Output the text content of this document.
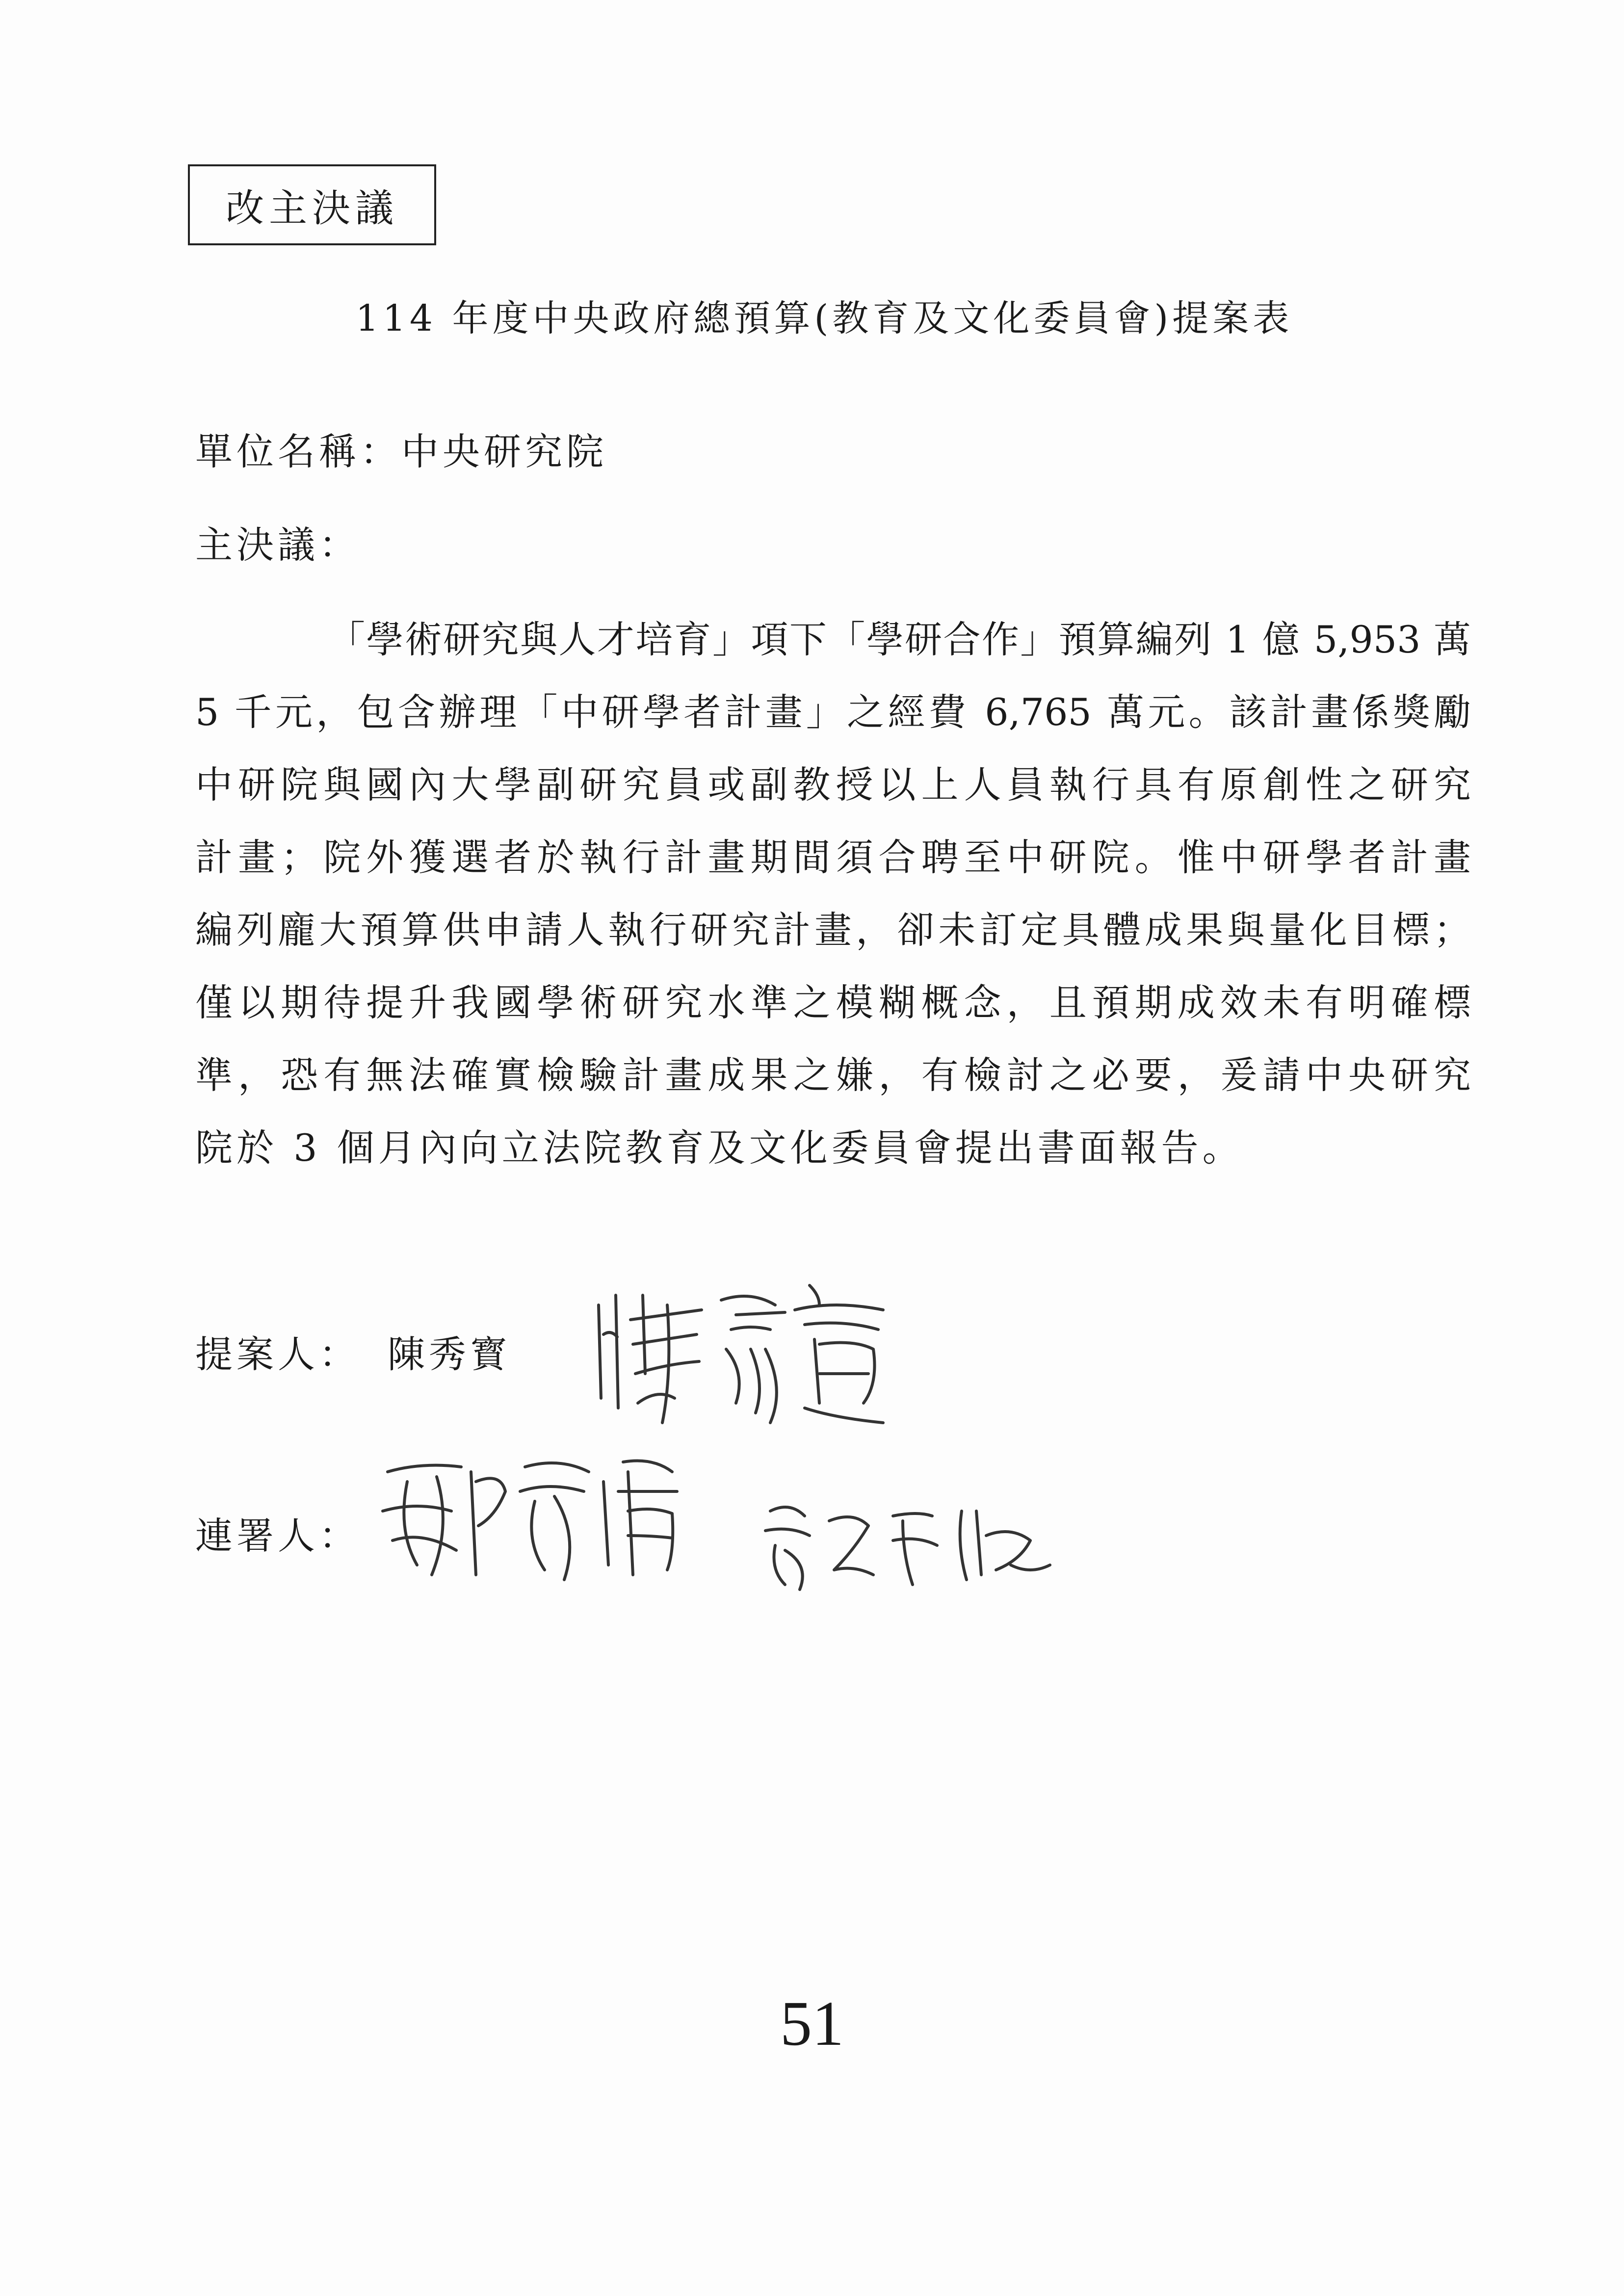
改主決議
114 年度中央政府總預算(教育及文化委員會)提案表
單位名稱：中央研究院
主決議：
「學術研究與人才培育」項下「學研合作」預算編列 1 億 5,953 萬
5 千元，包含辦理「中研學者計畫」之經費 6,765 萬元。該計畫係獎勵
中研院與國內大學副研究員或副教授以上人員執行具有原創性之研究
計畫；院外獲選者於執行計畫期間須合聘至中研院。惟中研學者計畫
編列龐大預算供申請人執行研究計畫，卻未訂定具體成果與量化目標；
僅以期待提升我國學術研究水準之模糊概念，且預期成效未有明確標
準，恐有無法確實檢驗計畫成果之嫌，有檢討之必要，爰請中央研究
院於 3 個月內向立法院教育及文化委員會提出書面報告。
提案人： 陳秀寳
連署人：
51
